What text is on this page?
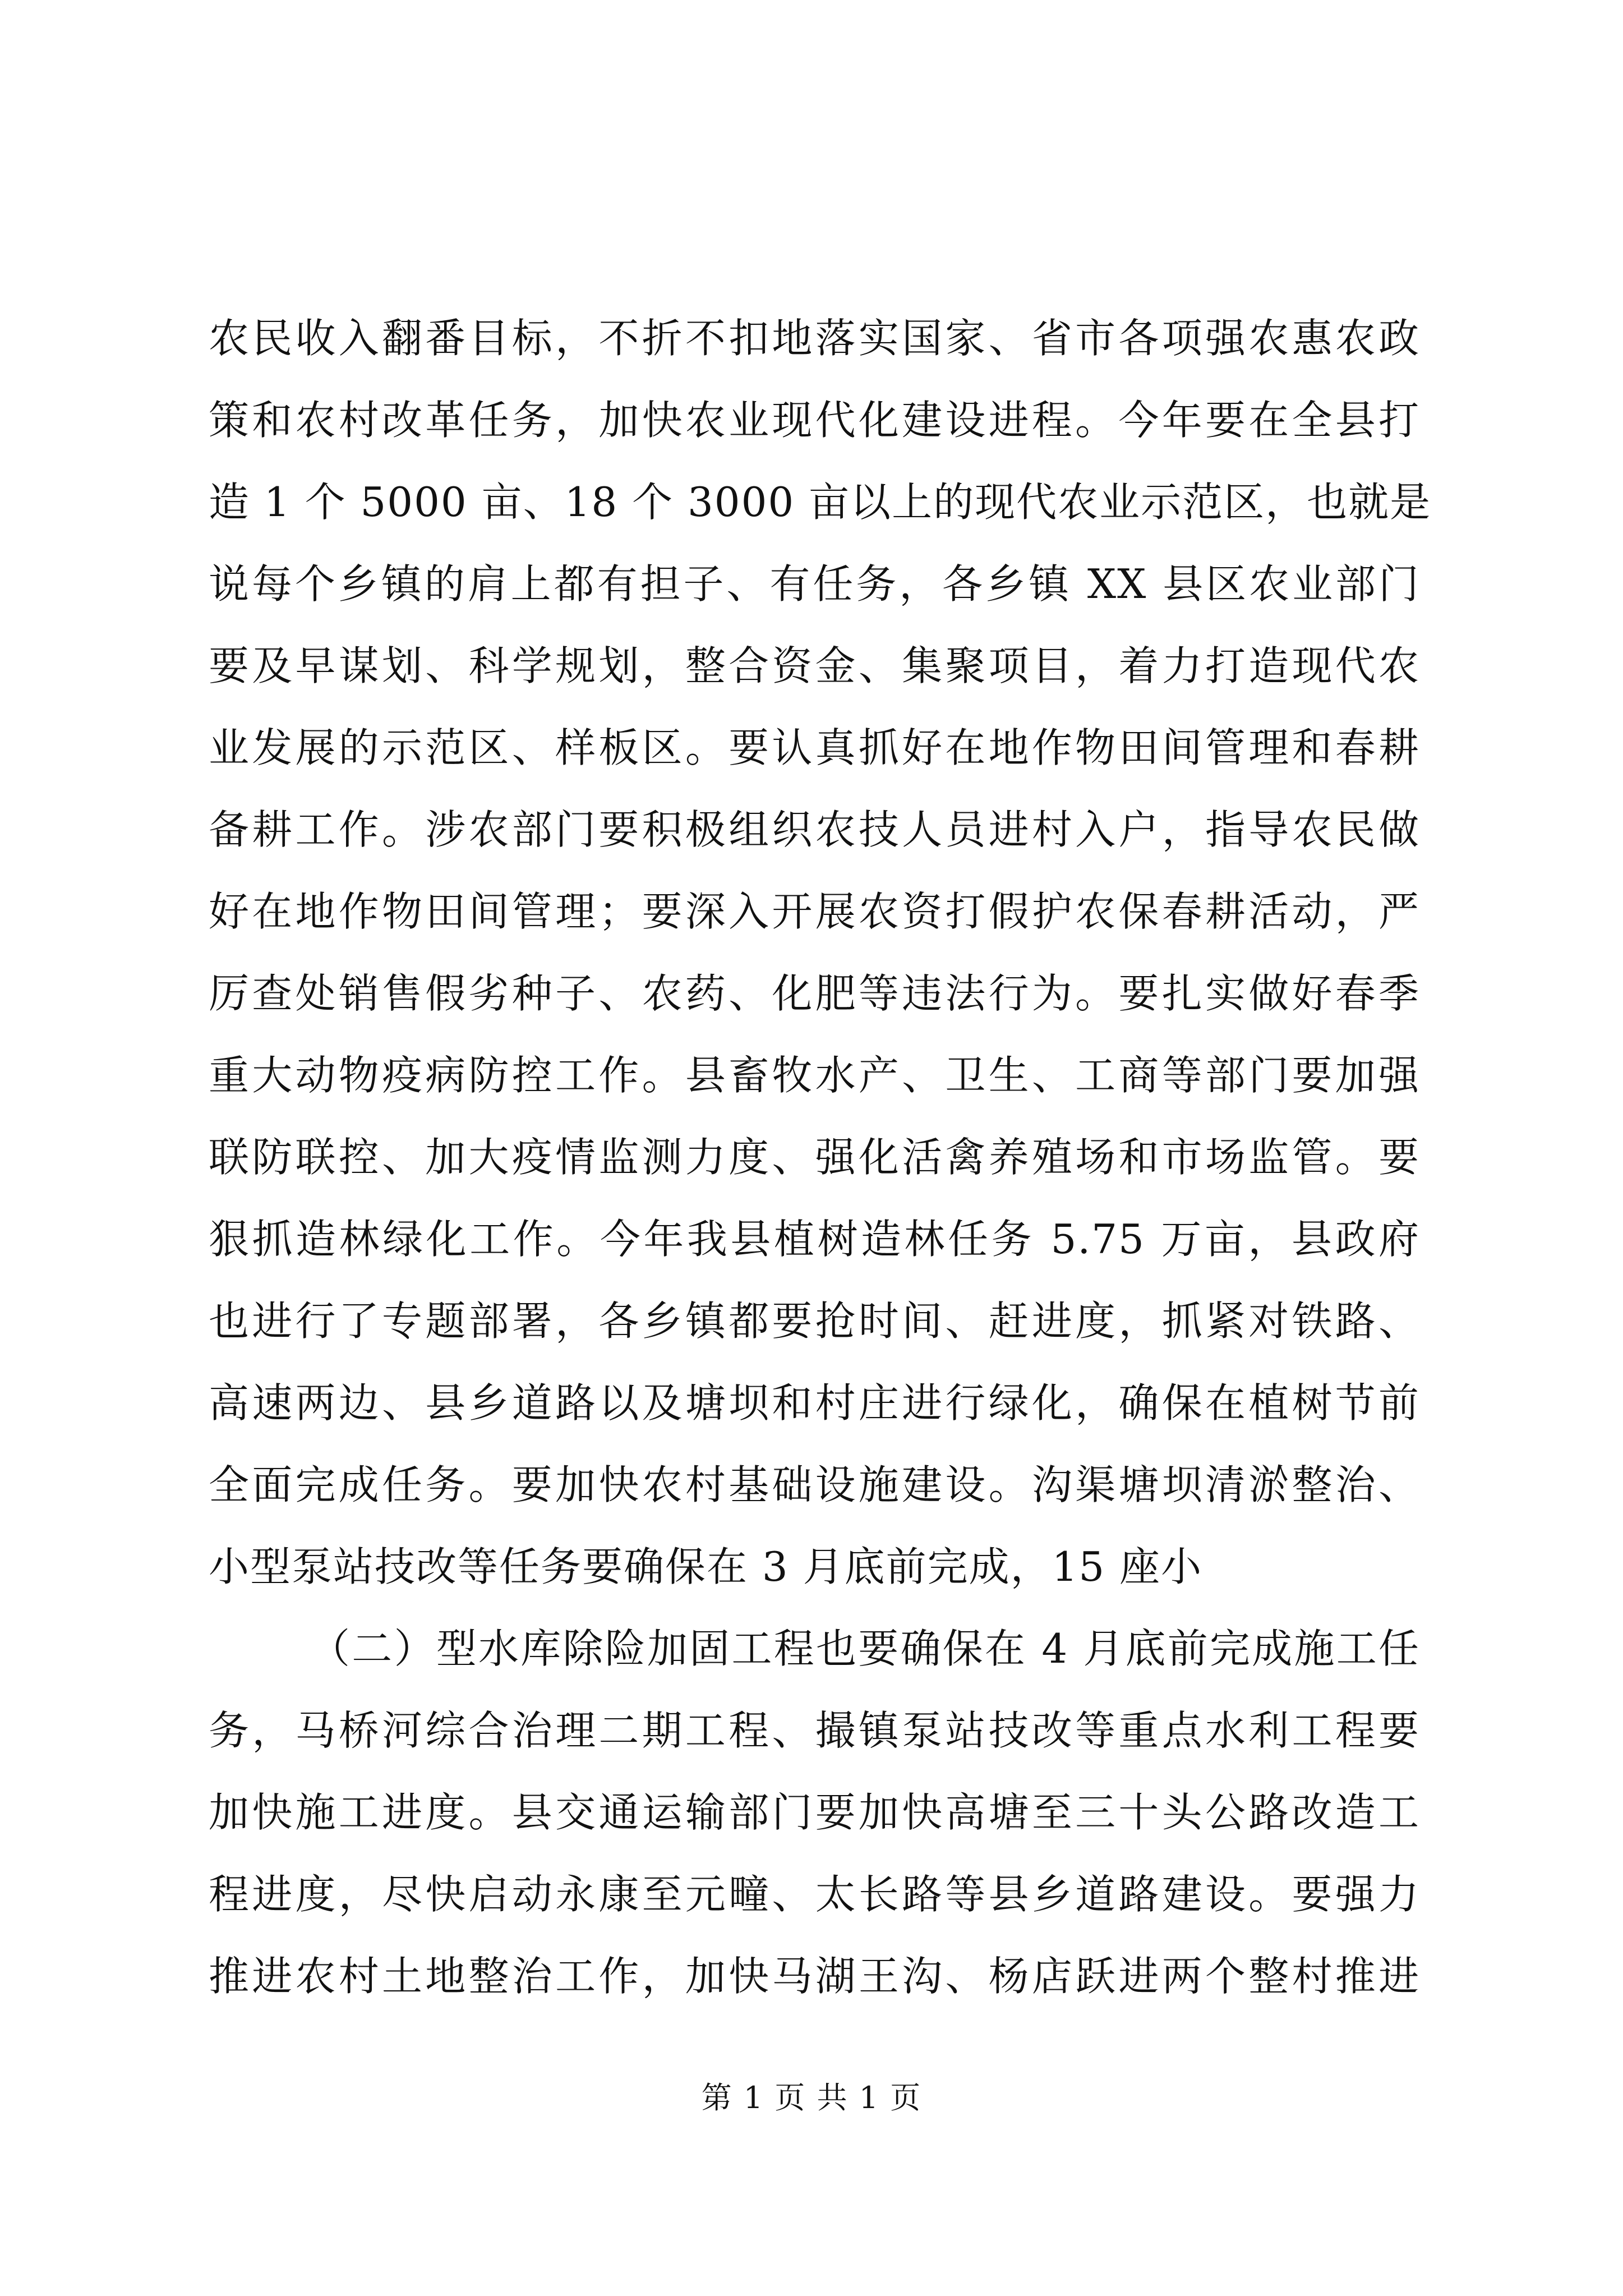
农民收入翻番目标，不折不扣地落实国家、省市各项强农惠农政
策和农村改革任务，加快农业现代化建设进程。今年要在全县打
造 1 个 5000 亩、18 个 3000 亩以上的现代农业示范区，也就是
说每个乡镇的肩上都有担子、有任务，各乡镇 XX 县区农业部门
要及早谋划、科学规划，整合资金、集聚项目，着力打造现代农
业发展的示范区、样板区。要认真抓好在地作物田间管理和春耕
备耕工作。涉农部门要积极组织农技人员进村入户，指导农民做
好在地作物田间管理；要深入开展农资打假护农保春耕活动，严
厉查处销售假劣种子、农药、化肥等违法行为。要扎实做好春季
重大动物疫病防控工作。县畜牧水产、卫生、工商等部门要加强
联防联控、加大疫情监测力度、强化活禽养殖场和市场监管。要
狠抓造林绿化工作。今年我县植树造林任务 5.75 万亩，县政府
也进行了专题部署，各乡镇都要抢时间、赶进度，抓紧对铁路、
高速两边、县乡道路以及塘坝和村庄进行绿化，确保在植树节前
全面完成任务。要加快农村基础设施建设。沟渠塘坝清淤整治、
小型泵站技改等任务要确保在 3 月底前完成，15 座小
（二）型水库除险加固工程也要确保在 4 月底前完成施工任
务，马桥河综合治理二期工程、撮镇泵站技改等重点水利工程要
加快施工进度。县交通运输部门要加快高塘至三十头公路改造工
程进度，尽快启动永康至元疃、太长路等县乡道路建设。要强力
推进农村土地整治工作，加快马湖王沟、杨店跃进两个整村推进
第 1 页 共 1 页
